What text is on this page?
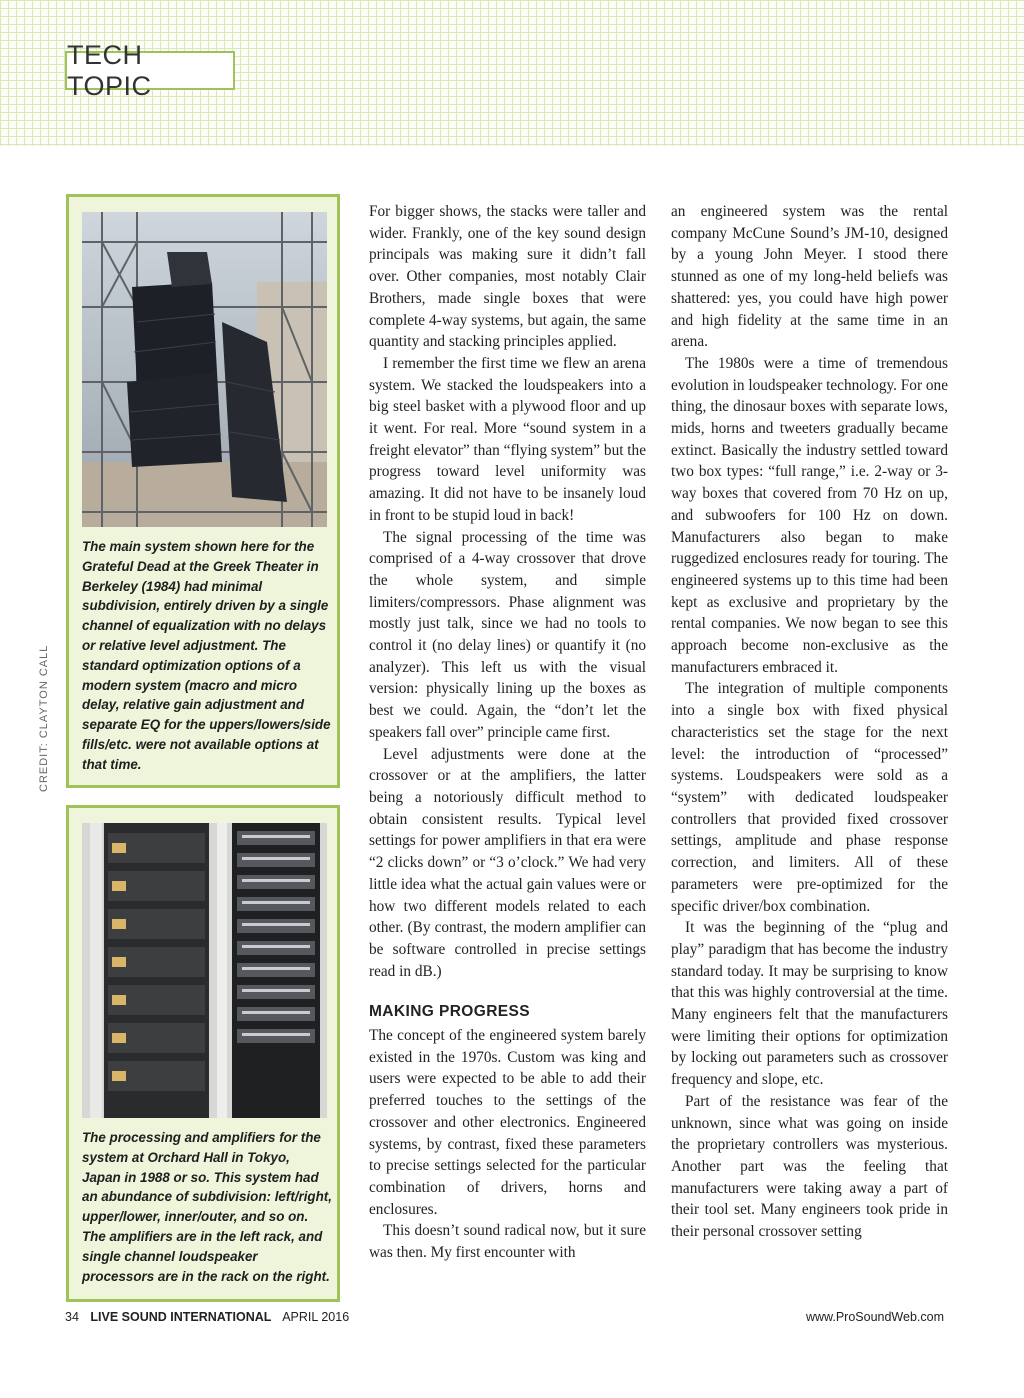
TECH TOPIC
CREDIT: CLAYTON CALL
The main system shown here for the Grateful Dead at the Greek Theater in Berkeley (1984) had minimal subdivision, entirely driven by a single channel of equalization with no delays or relative level adjustment. The standard optimization options of a modern system (macro and micro delay, relative gain adjustment and separate EQ for the uppers/lowers/side fills/etc. were not available options at that time.
The processing and amplifiers for the system at Orchard Hall in Tokyo, Japan in 1988 or so. This system had an abundance of subdivision: left/right, upper/lower, inner/outer, and so on. The amplifiers are in the left rack, and single channel loudspeaker processors are in the rack on the right.

For bigger shows, the stacks were taller and wider. Frankly, one of the key sound design principals was making sure it didn’t fall over. Other companies, most notably Clair Brothers, made single boxes that were complete 4-way systems, but again, the same quantity and stacking principles applied.

I remember the first time we flew an arena system. We stacked the loudspeakers into a big steel basket with a plywood floor and up it went. For real. More “sound system in a freight elevator” than “flying system” but the progress toward level uniformity was amazing. It did not have to be insanely loud in front to be stupid loud in back!

The signal processing of the time was comprised of a 4-way crossover that drove the whole system, and simple limiters/compressors. Phase alignment was mostly just talk, since we had no tools to control it (no delay lines) or quantify it (no analyzer). This left us with the visual version: physically lining up the boxes as best we could. Again, the “don’t let the speakers fall over” principle came first.

Level adjustments were done at the crossover or at the amplifiers, the latter being a notoriously difficult method to obtain consistent results. Typical level settings for power amplifiers in that era were “2 clicks down” or “3 o’clock.” We had very little idea what the actual gain values were or how two different models related to each other. (By contrast, the modern amplifier can be software controlled in precise settings read in dB.)

MAKING PROGRESS

The concept of the engineered system barely existed in the 1970s. Custom was king and users were expected to be able to add their preferred touches to the settings of the crossover and other electronics. Engineered systems, by contrast, fixed these parameters to precise settings selected for the particular combination of drivers, horns and enclosures.

This doesn’t sound radical now, but it sure was then. My first encounter with

an engineered system was the rental company McCune Sound’s JM-10, designed by a young John Meyer. I stood there stunned as one of my long-held beliefs was shattered: yes, you could have high power and high fidelity at the same time in an arena.

The 1980s were a time of tremendous evolution in loudspeaker technology. For one thing, the dinosaur boxes with separate lows, mids, horns and tweeters gradually became extinct. Basically the industry settled toward two box types: “full range,” i.e. 2-way or 3-way boxes that covered from 70 Hz on up, and subwoofers for 100 Hz on down. Manufacturers also began to make ruggedized enclosures ready for touring. The engineered systems up to this time had been kept as exclusive and proprietary by the rental companies. We now began to see this approach become non-exclusive as the manufacturers embraced it.

The integration of multiple components into a single box with fixed physical characteristics set the stage for the next level: the introduction of “processed” systems. Loudspeakers were sold as a “system” with dedicated loudspeaker controllers that provided fixed crossover settings, amplitude and phase response correction, and limiters. All of these parameters were pre-optimized for the specific driver/box combination.

It was the beginning of the “plug and play” paradigm that has become the industry standard today. It may be surprising to know that this was highly controversial at the time. Many engineers felt that the manufacturers were limiting their options for optimization by locking out parameters such as crossover frequency and slope, etc.

Part of the resistance was fear of the unknown, since what was going on inside the proprietary controllers was mysterious. Another part was the feeling that manufacturers were taking away a part of their tool set. Many engineers took pride in their personal crossover setting

34 LIVE SOUND INTERNATIONAL APRIL 2016	www.ProSoundWeb.com
